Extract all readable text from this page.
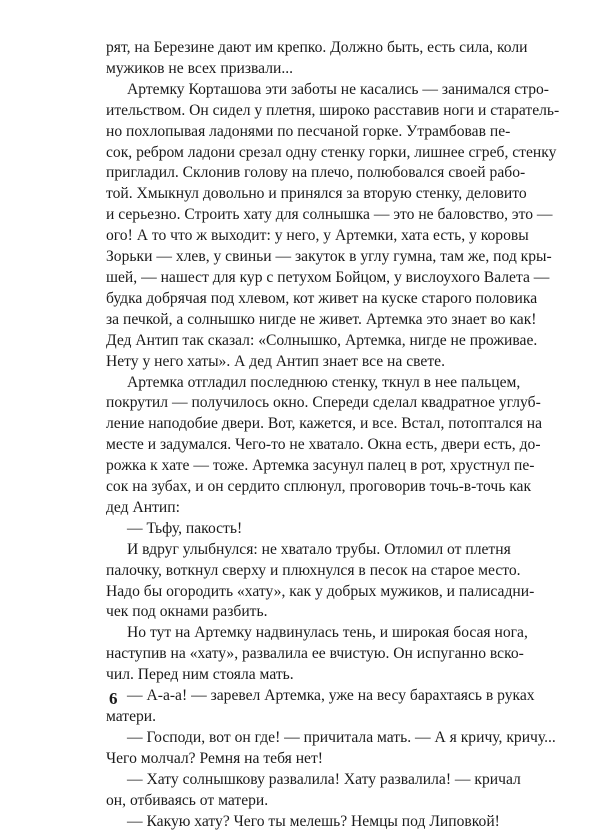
рят, на Березине дают им крепко. Должно быть, есть сила, коли
мужиков не всех призвали...
Артемку Корташова эти заботы не касались — занимался стро-
ительством. Он сидел у плетня, широко расставив ноги и старатель-
но похлопывая ладонями по песчаной горке. Утрамбовав пе-
сок, ребром ладони срезал одну стенку горки, лишнее сгреб, стенку
пригладил. Склонив голову на плечо, полюбовался своей рабо-
той. Хмыкнул довольно и принялся за вторую стенку, деловито
и серьезно. Строить хату для солнышка — это не баловство, это —
ого! А то что ж выходит: у него, у Артемки, хата есть, у коровы
Зорьки — хлев, у свиньи — закуток в углу гумна, там же, под кры-
шей, — нашест для кур с петухом Бойцом, у вислоухого Валета —
будка добрячая под хлевом, кот живет на куске старого половика
за печкой, а солнышко нигде не живет. Артемка это знает во как!
Дед Антип так сказал: «Солнышко, Артемка, нигде не проживае.
Нету у него хаты». А дед Антип знает все на свете.
Артемка отгладил последнюю стенку, ткнул в нее пальцем,
покрутил — получилось окно. Спереди сделал квадратное углуб-
ление наподобие двери. Вот, кажется, и все. Встал, потоптался на
месте и задумался. Чего-то не хватало. Окна есть, двери есть, до-
рожка к хате — тоже. Артемка засунул палец в рот, хрустнул пе-
сок на зубах, и он сердито сплюнул, проговорив точь-в-точь как
дед Антип:
— Тьфу, пакость!
И вдруг улыбнулся: не хватало трубы. Отломил от плетня
палочку, воткнул сверху и плюхнулся в песок на старое место.
Надо бы огородить «хату», как у добрых мужиков, и палисадни-
чек под окнами разбить.
Но тут на Артемку надвинулась тень, и широкая босая нога,
наступив на «хату», развалила ее вчистую. Он испуганно вско-
чил. Перед ним стояла мать.
— А-а-а! — заревел Артемка, уже на весу барахтаясь в руках
матери.
— Господи, вот он где! — причитала мать. — А я кричу, кричу...
Чего молчал? Ремня на тебя нет!
— Хату солнышкову развалила! Хату развалила! — кричал
он, отбиваясь от матери.
— Какую хату? Чего ты мелешь? Немцы под Липовкой!
6
